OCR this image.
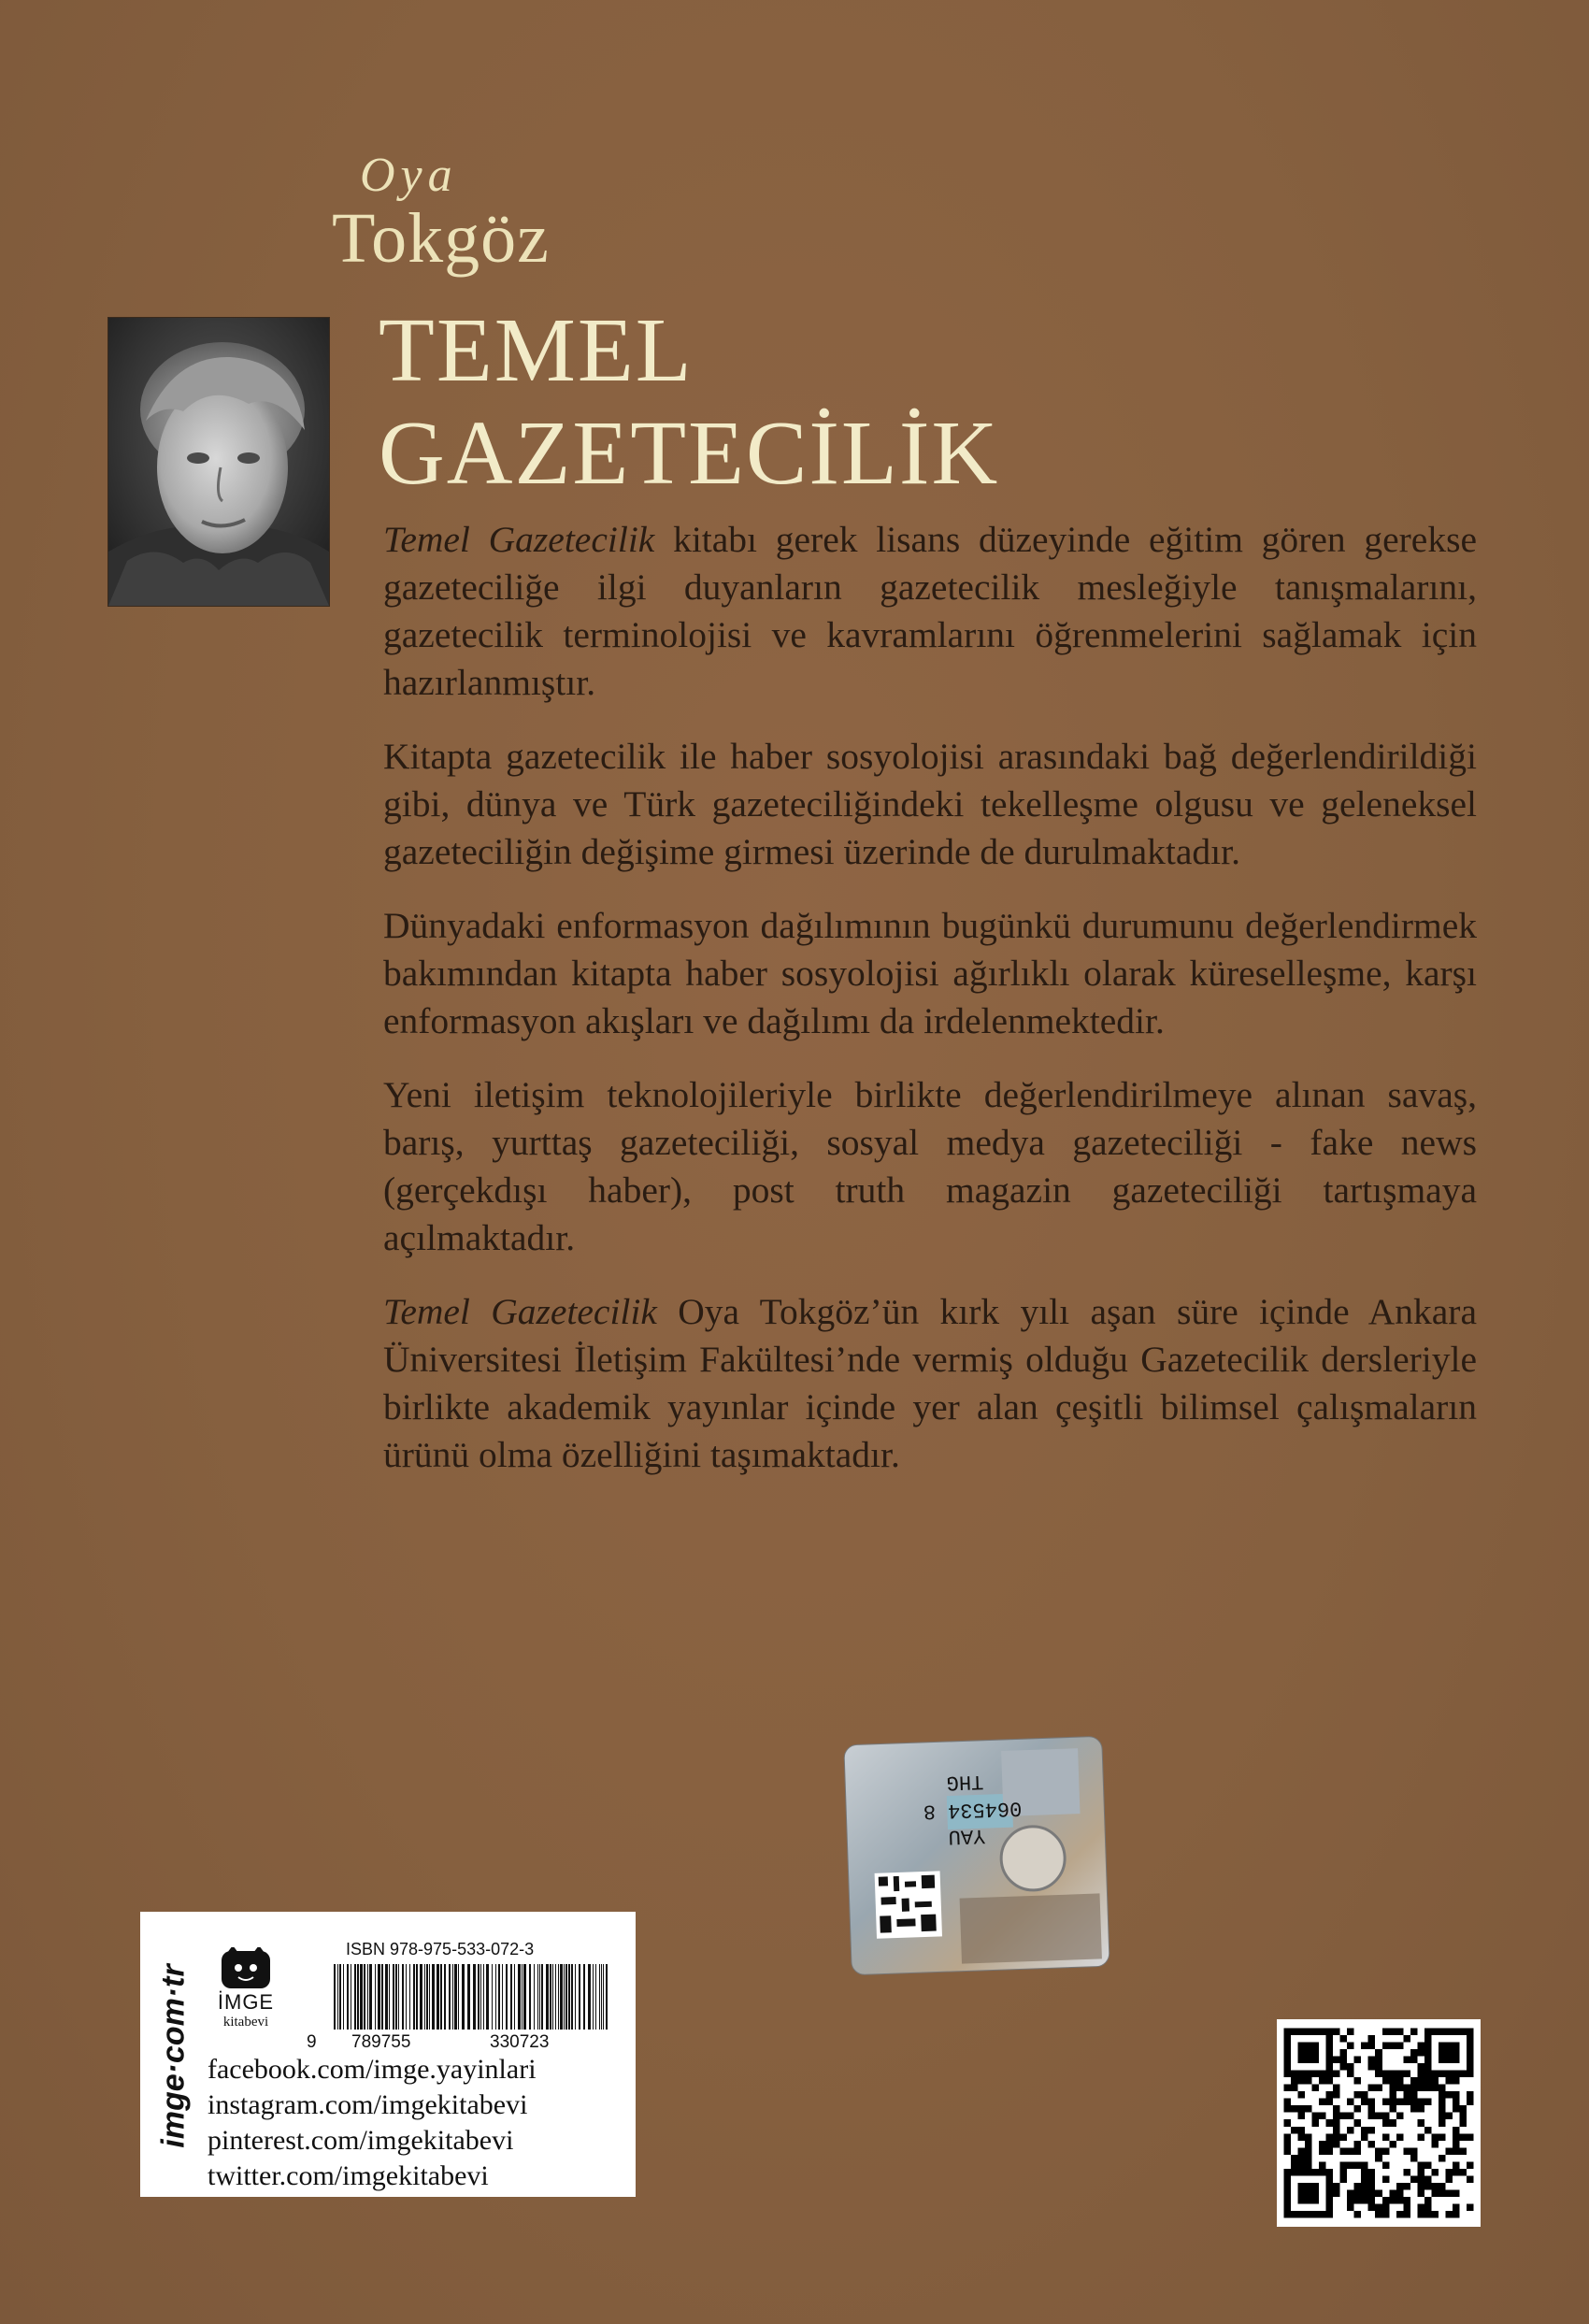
Oya
Tokgöz
TEMEL
GAZETECİLİK

Temel Gazetecilik kitabı gerek lisans düzeyinde eğitim gören gerekse gazeteciliğe ilgi duyanların gazetecilik mesleğiyle tanışmalarını, gazetecilik terminolojisi ve kavramlarını öğrenmelerini sağlamak için hazırlanmıştır.

Kitapta gazetecilik ile haber sosyolojisi arasındaki bağ değerlendirildiği gibi, dünya ve Türk gazeteciliğindeki tekelleşme olgusu ve geleneksel gazeteciliğin değişime girmesi üzerinde de durulmaktadır.

Dünyadaki enformasyon dağılımının bugünkü durumunu değerlendirmek bakımından kitapta haber sosyolojisi ağırlıklı olarak küreselleşme, karşı enformasyon akışları ve dağılımı da irdelenmektedir.

Yeni iletişim teknolojileriyle birlikte değerlendirilmeye alınan savaş, barış, yurttaş gazeteciliği, sosyal medya gazeteciliği - fake news (gerçekdışı haber), post truth magazin gazeteciliği tartışmaya açılmaktadır.

Temel Gazetecilik Oya Tokgöz’ün kırk yılı aşan süre içinde Ankara Üniversitesi İletişim Fakültesi’nde vermiş olduğu Gazetecilik dersleriyle birlikte akademik yayınlar içinde yer alan çeşitli bilimsel çalışmaların ürünü olma özelliğini taşımaktadır.

THG
064534 8
YAU
imge·com·tr	İMGE
kitabevi
ISBN 978-975-533-072-3
9 789755	330723
facebook.com/imge.yayinlari
instagram.com/imgekitabevi
pinterest.com/imgekitabevi
twitter.com/imgekitabevi
